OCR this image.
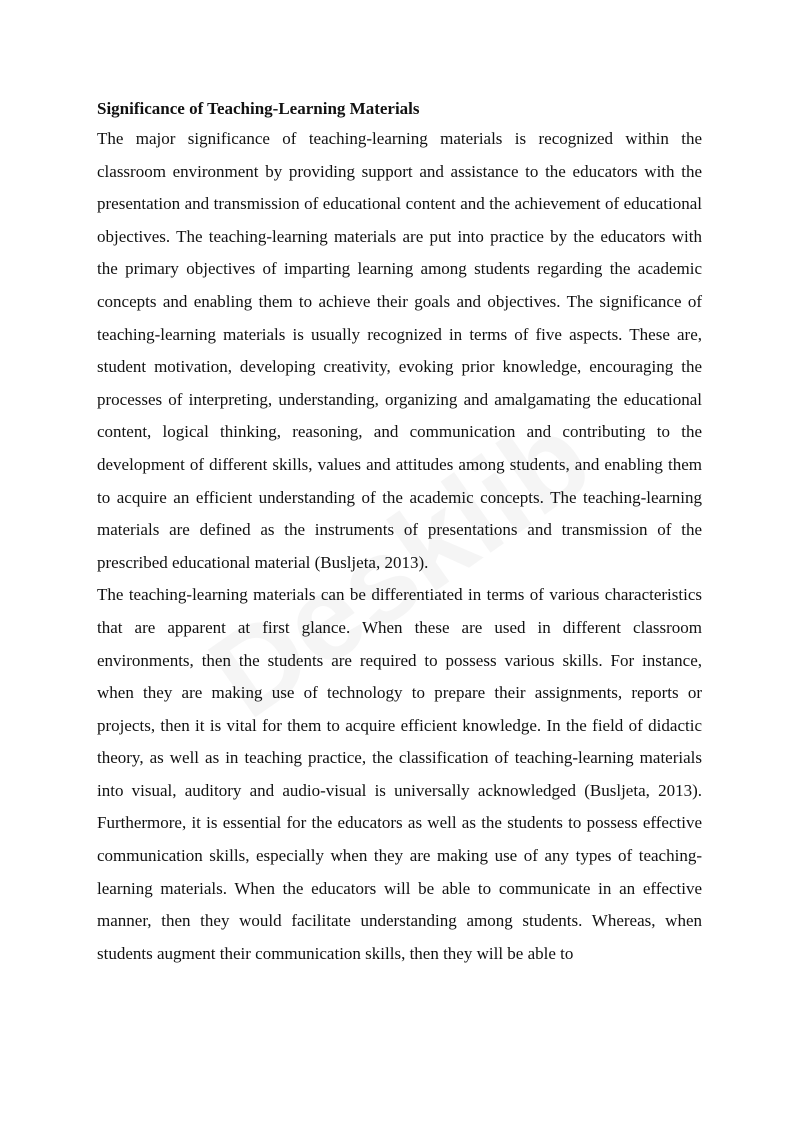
Significance of Teaching-Learning Materials

The major significance of teaching-learning materials is recognized within the classroom environment by providing support and assistance to the educators with the presentation and transmission of educational content and the achievement of educational objectives. The teaching-learning materials are put into practice by the educators with the primary objectives of imparting learning among students regarding the academic concepts and enabling them to achieve their goals and objectives. The significance of teaching-learning materials is usually recognized in terms of five aspects. These are, student motivation, developing creativity, evoking prior knowledge, encouraging the processes of interpreting, understanding, organizing and amalgamating the educational content, logical thinking, reasoning, and communication and contributing to the development of different skills, values and attitudes among students, and enabling them to acquire an efficient understanding of the academic concepts. The teaching-learning materials are defined as the instruments of presentations and transmission of the prescribed educational material (Busljeta, 2013).

The teaching-learning materials can be differentiated in terms of various characteristics that are apparent at first glance. When these are used in different classroom environments, then the students are required to possess various skills. For instance, when they are making use of technology to prepare their assignments, reports or projects, then it is vital for them to acquire efficient knowledge. In the field of didactic theory, as well as in teaching practice, the classification of teaching-learning materials into visual, auditory and audio-visual is universally acknowledged (Busljeta, 2013). Furthermore, it is essential for the educators as well as the students to possess effective communication skills, especially when they are making use of any types of teaching-learning materials. When the educators will be able to communicate in an effective manner, then they would facilitate understanding among students. Whereas, when students augment their communication skills, then they will be able to
